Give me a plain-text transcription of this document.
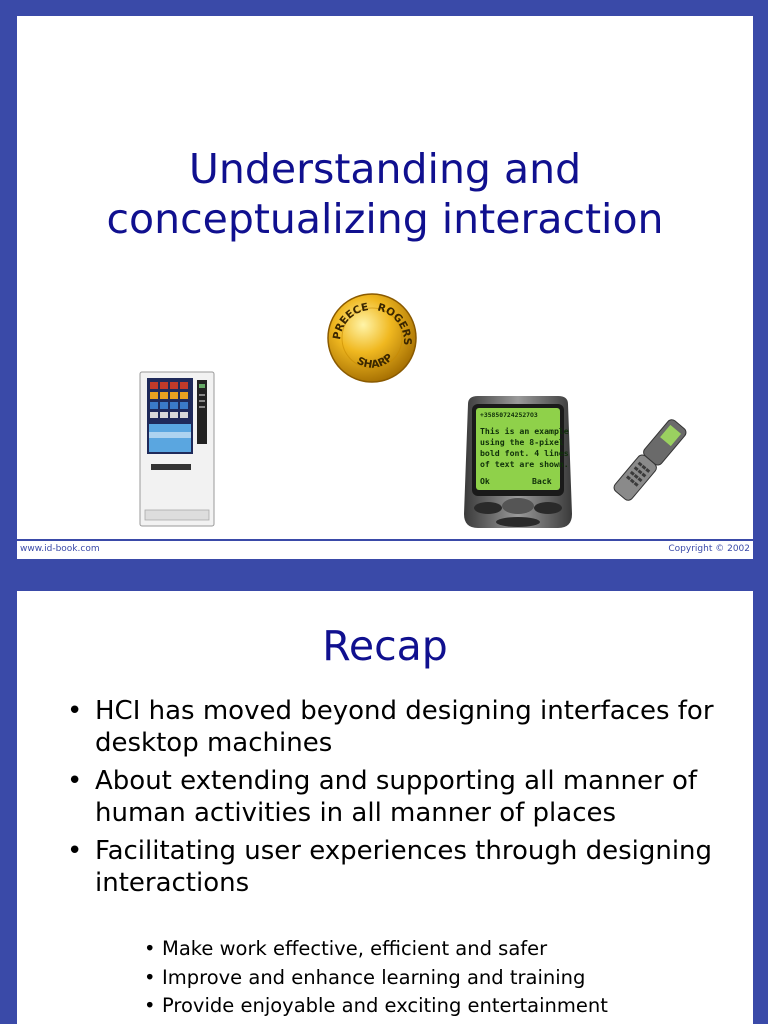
Understanding and
conceptualizing interaction
PREECE ROGERS
SHARP
+358507242527O3
This is an example
using the 8-pixel
bold font. 4 lines
of text are shown.
Ok	Back
www.id-book.com	Copyright © 2002
Recap
• HCI has moved beyond designing interfaces for desktop machines
• About extending and supporting all manner of human activities in all manner of places
• Facilitating user experiences through designing interactions
• Make work effective, efficient and safer
• Improve and enhance learning and training
• Provide enjoyable and exciting entertainment
